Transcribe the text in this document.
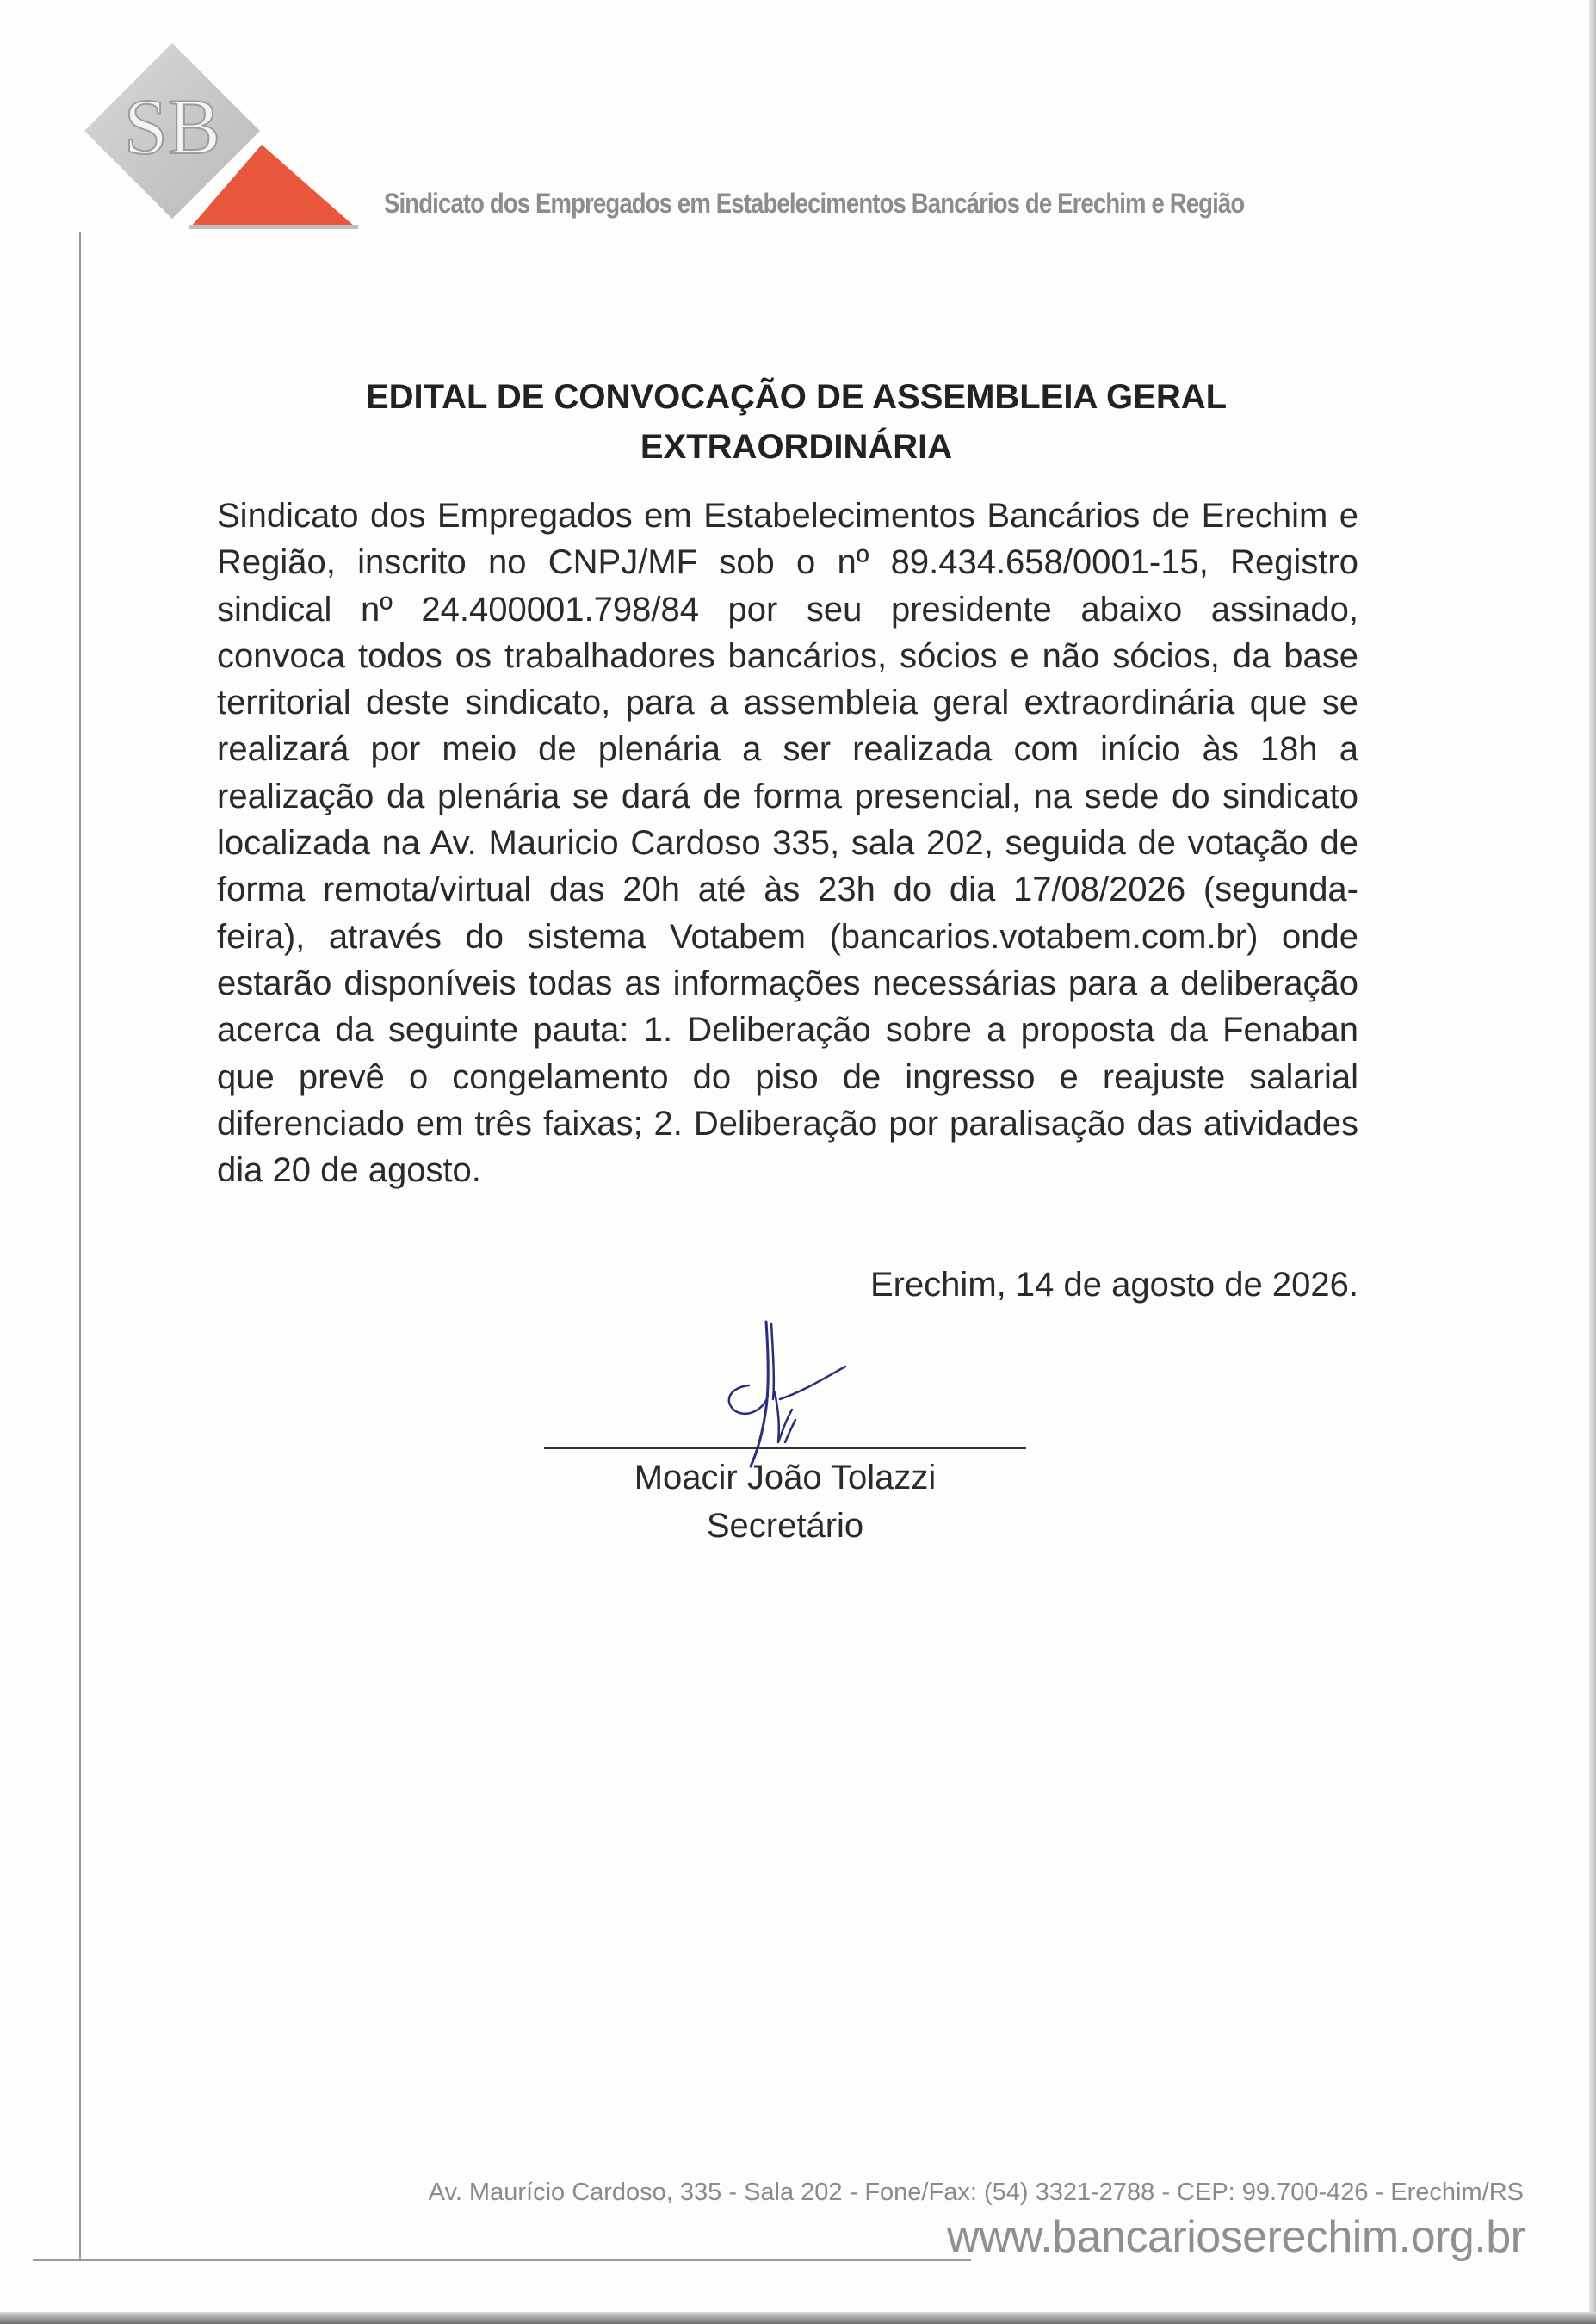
SB
Sindicato dos Empregados em Estabelecimentos Bancários de Erechim e Região
EDITAL DE CONVOCAÇÃO DE ASSEMBLEIA GERAL
EXTRAORDINÁRIA
Sindicato dos Empregados em Estabelecimentos Bancários de Erechim e Região, inscrito no CNPJ/MF sob o nº 89.434.658/0001-15, Registro sindical nº 24.400001.798/84 por seu presidente abaixo assinado, convoca todos os trabalhadores bancários, sócios e não sócios, da base territorial deste sindicato, para a assembleia geral extraordinária que se realizará por meio de plenária a ser realizada com início às 18h a realização da plenária se dará de forma presencial, na sede do sindicato localizada na Av. Mauricio Cardoso 335, sala 202, seguida de votação de forma remota/virtual das 20h até às 23h do dia 17/08/2026 (segunda-feira), através do sistema Votabem (bancarios.votabem.com.br) onde estarão disponíveis todas as informações necessárias para a deliberação acerca da seguinte pauta: 1. Deliberação sobre a proposta da Fenaban que prevê o congelamento do piso de ingresso e reajuste salarial diferenciado em três faixas; 2. Deliberação por paralisação das atividades dia 20 de agosto.
Erechim, 14 de agosto de 2026.
Moacir João Tolazzi
Secretário
Av. Maurício Cardoso, 335 - Sala 202 - Fone/Fax: (54) 3321-2788 - CEP: 99.700-426 - Erechim/RS
www.bancarioserechim.org.br
